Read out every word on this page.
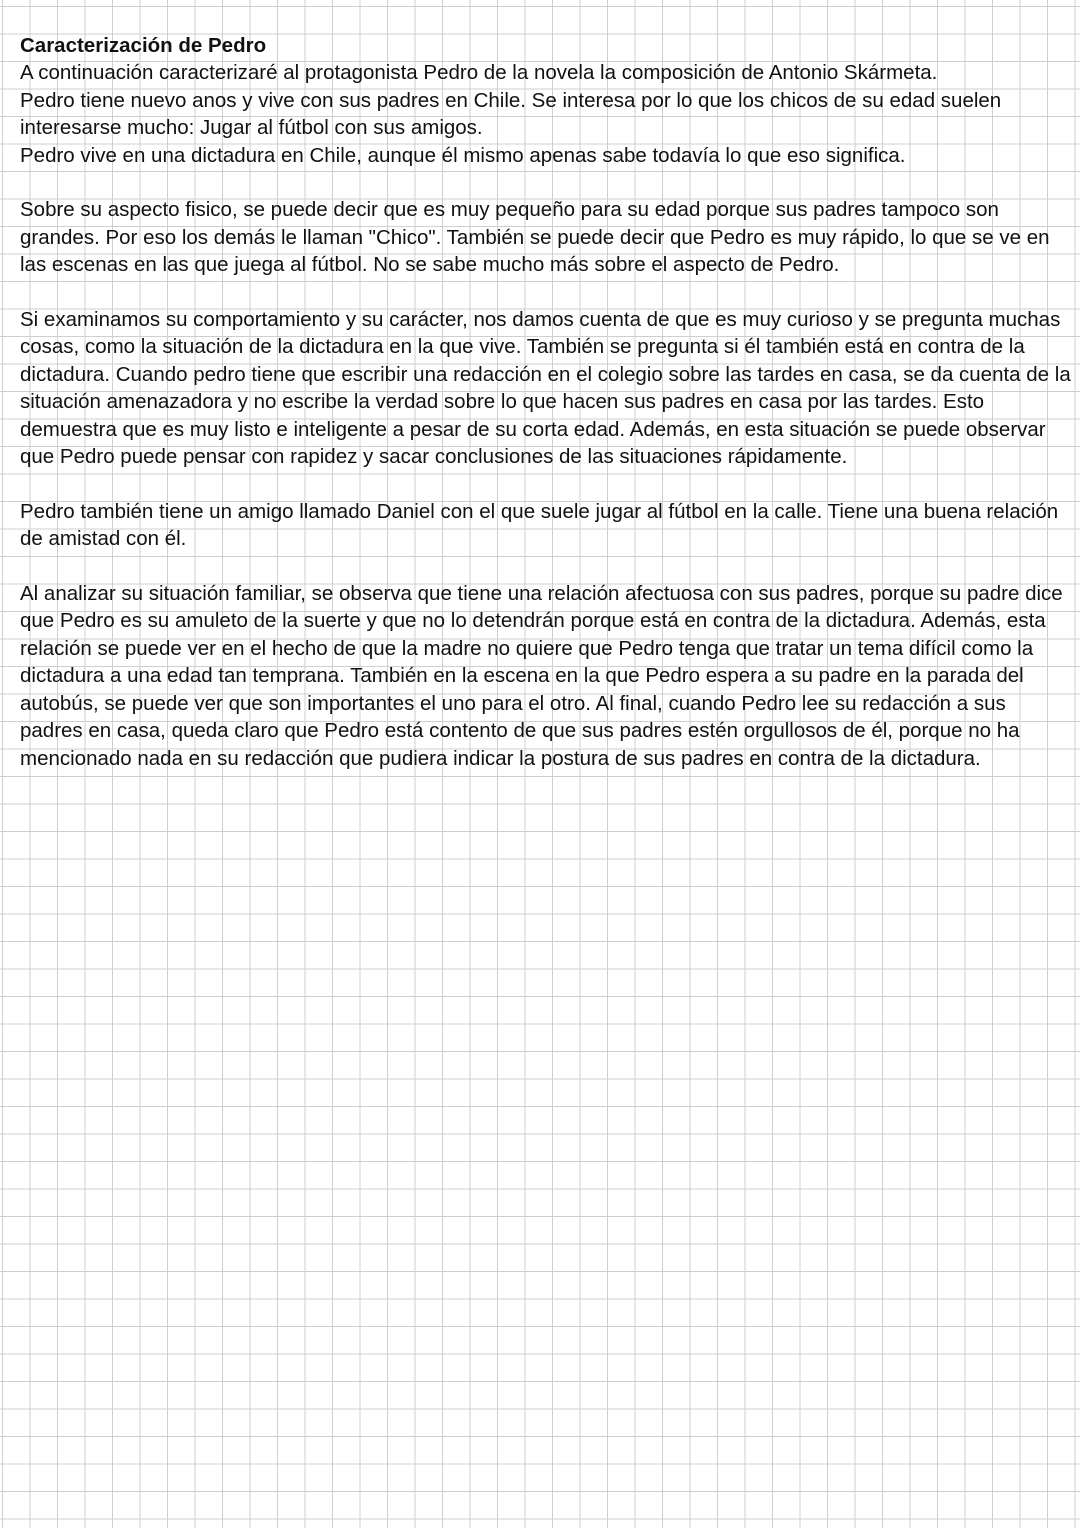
Caracterización de Pedro

A continuación caracterizaré al protagonista Pedro de la novela la composición de Antonio Skármeta.

Pedro tiene nuevo anos y vive con sus padres en Chile. Se interesa por lo que los chicos de su edad suelen interesarse mucho: Jugar al fútbol con sus amigos.

Pedro vive en una dictadura en Chile, aunque él mismo apenas sabe todavía lo que eso significa.

Sobre su aspecto fisico, se puede decir que es muy pequeño para su edad porque sus padres tampoco son grandes. Por eso los demás le llaman "Chico". También se puede decir que Pedro es muy rápido, lo que se ve en las escenas en las que juega al fútbol. No se sabe mucho más sobre el aspecto de Pedro.

Si examinamos su comportamiento y su carácter, nos damos cuenta de que es muy curioso y se pregunta muchas cosas, como la situación de la dictadura en la que vive. También se pregunta si él también está en contra de la dictadura. Cuando pedro tiene que escribir una redacción en el colegio sobre las tardes en casa, se da cuenta de la situación amenazadora y no escribe la verdad sobre lo que hacen sus padres en casa por las tardes. Esto demuestra que es muy listo e inteligente a pesar de su corta edad. Además, en esta situación se puede observar que Pedro puede pensar con rapidez y sacar conclusiones de las situaciones rápidamente.

Pedro también tiene un amigo llamado Daniel con el que suele jugar al fútbol en la calle. Tiene una buena relación de amistad con él.

Al analizar su situación familiar, se observa que tiene una relación afectuosa con sus padres, porque su padre dice que Pedro es su amuleto de la suerte y que no lo detendrán porque está en contra de la dictadura. Además, esta relación se puede ver en el hecho de que la madre no quiere que Pedro tenga que tratar un tema difícil como la dictadura a una edad tan temprana. También en la escena en la que Pedro espera a su padre en la parada del autobús, se puede ver que son importantes el uno para el otro. Al final, cuando Pedro lee su redacción a sus padres en casa, queda claro que Pedro está contento de que sus padres estén orgullosos de él, porque no ha mencionado nada en su redacción que pudiera indicar la postura de sus padres en contra de la dictadura.
